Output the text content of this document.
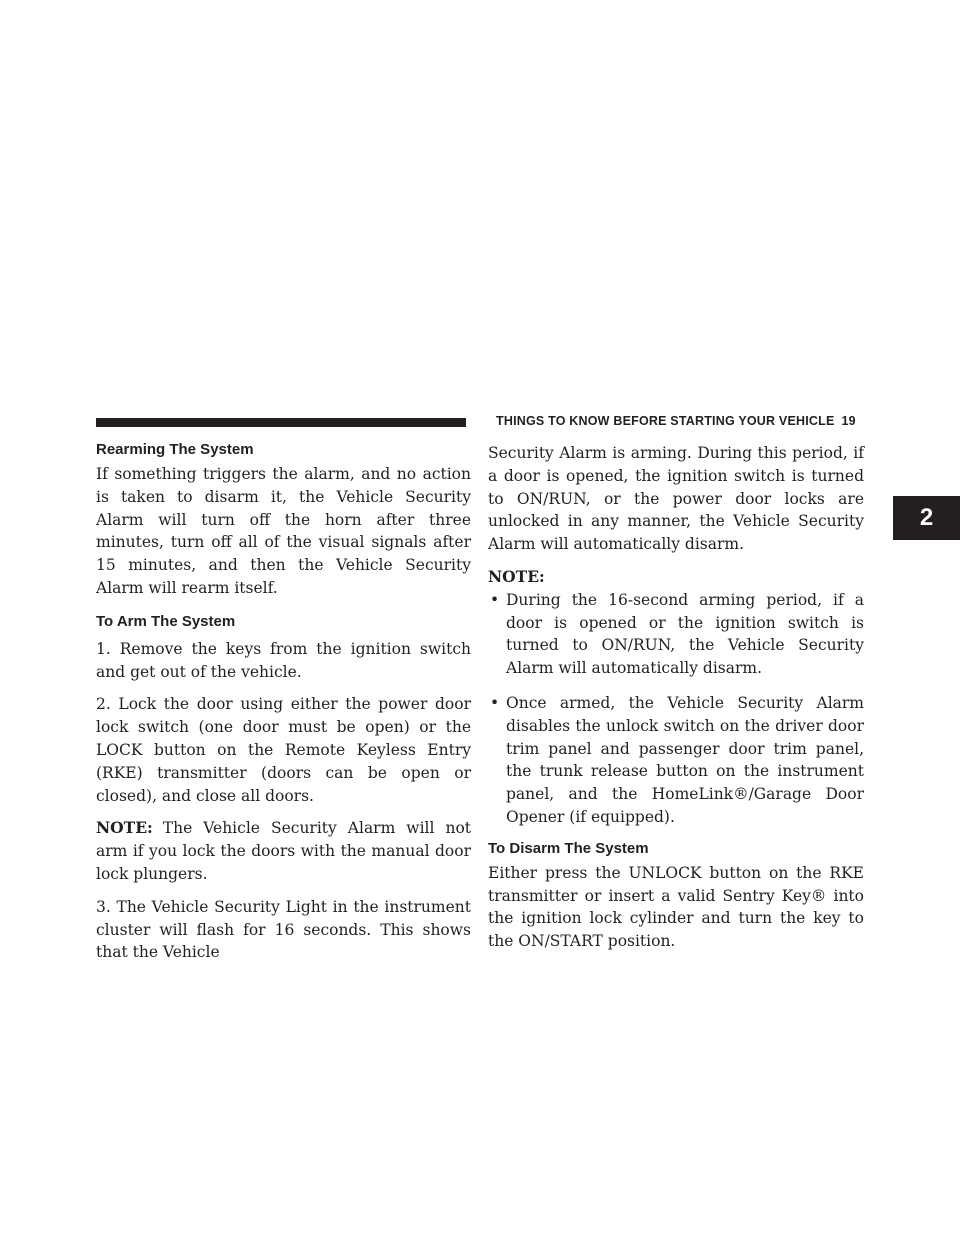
THINGS TO KNOW BEFORE STARTING YOUR VEHICLE 19
2
Rearming The System

If something triggers the alarm, and no action is taken to disarm it, the Vehicle Security Alarm will turn off the horn after three minutes, turn off all of the visual signals after 15 minutes, and then the Vehicle Security Alarm will rearm itself.

To Arm The System

1. Remove the keys from the ignition switch and get out of the vehicle.

2. Lock the door using either the power door lock switch (one door must be open) or the LOCK button on the Remote Keyless Entry (RKE) transmitter (doors can be open or closed), and close all doors.

NOTE: The Vehicle Security Alarm will not arm if you lock the doors with the manual door lock plungers.

3. The Vehicle Security Light in the instrument cluster will flash for 16 seconds. This shows that the Vehicle

Security Alarm is arming. During this period, if a door is opened, the ignition switch is turned to ON/RUN, or the power door locks are unlocked in any manner, the Vehicle Security Alarm will automatically disarm.

NOTE:

• During the 16-second arming period, if a door is opened or the ignition switch is turned to ON/RUN, the Vehicle Security Alarm will automatically disarm.
• Once armed, the Vehicle Security Alarm disables the unlock switch on the driver door trim panel and passenger door trim panel, the trunk release button on the instrument panel, and the HomeLink®/Garage Door Opener (if equipped).
To Disarm The System

Either press the UNLOCK button on the RKE transmitter or insert a valid Sentry Key® into the ignition lock cylinder and turn the key to the ON/START position.
